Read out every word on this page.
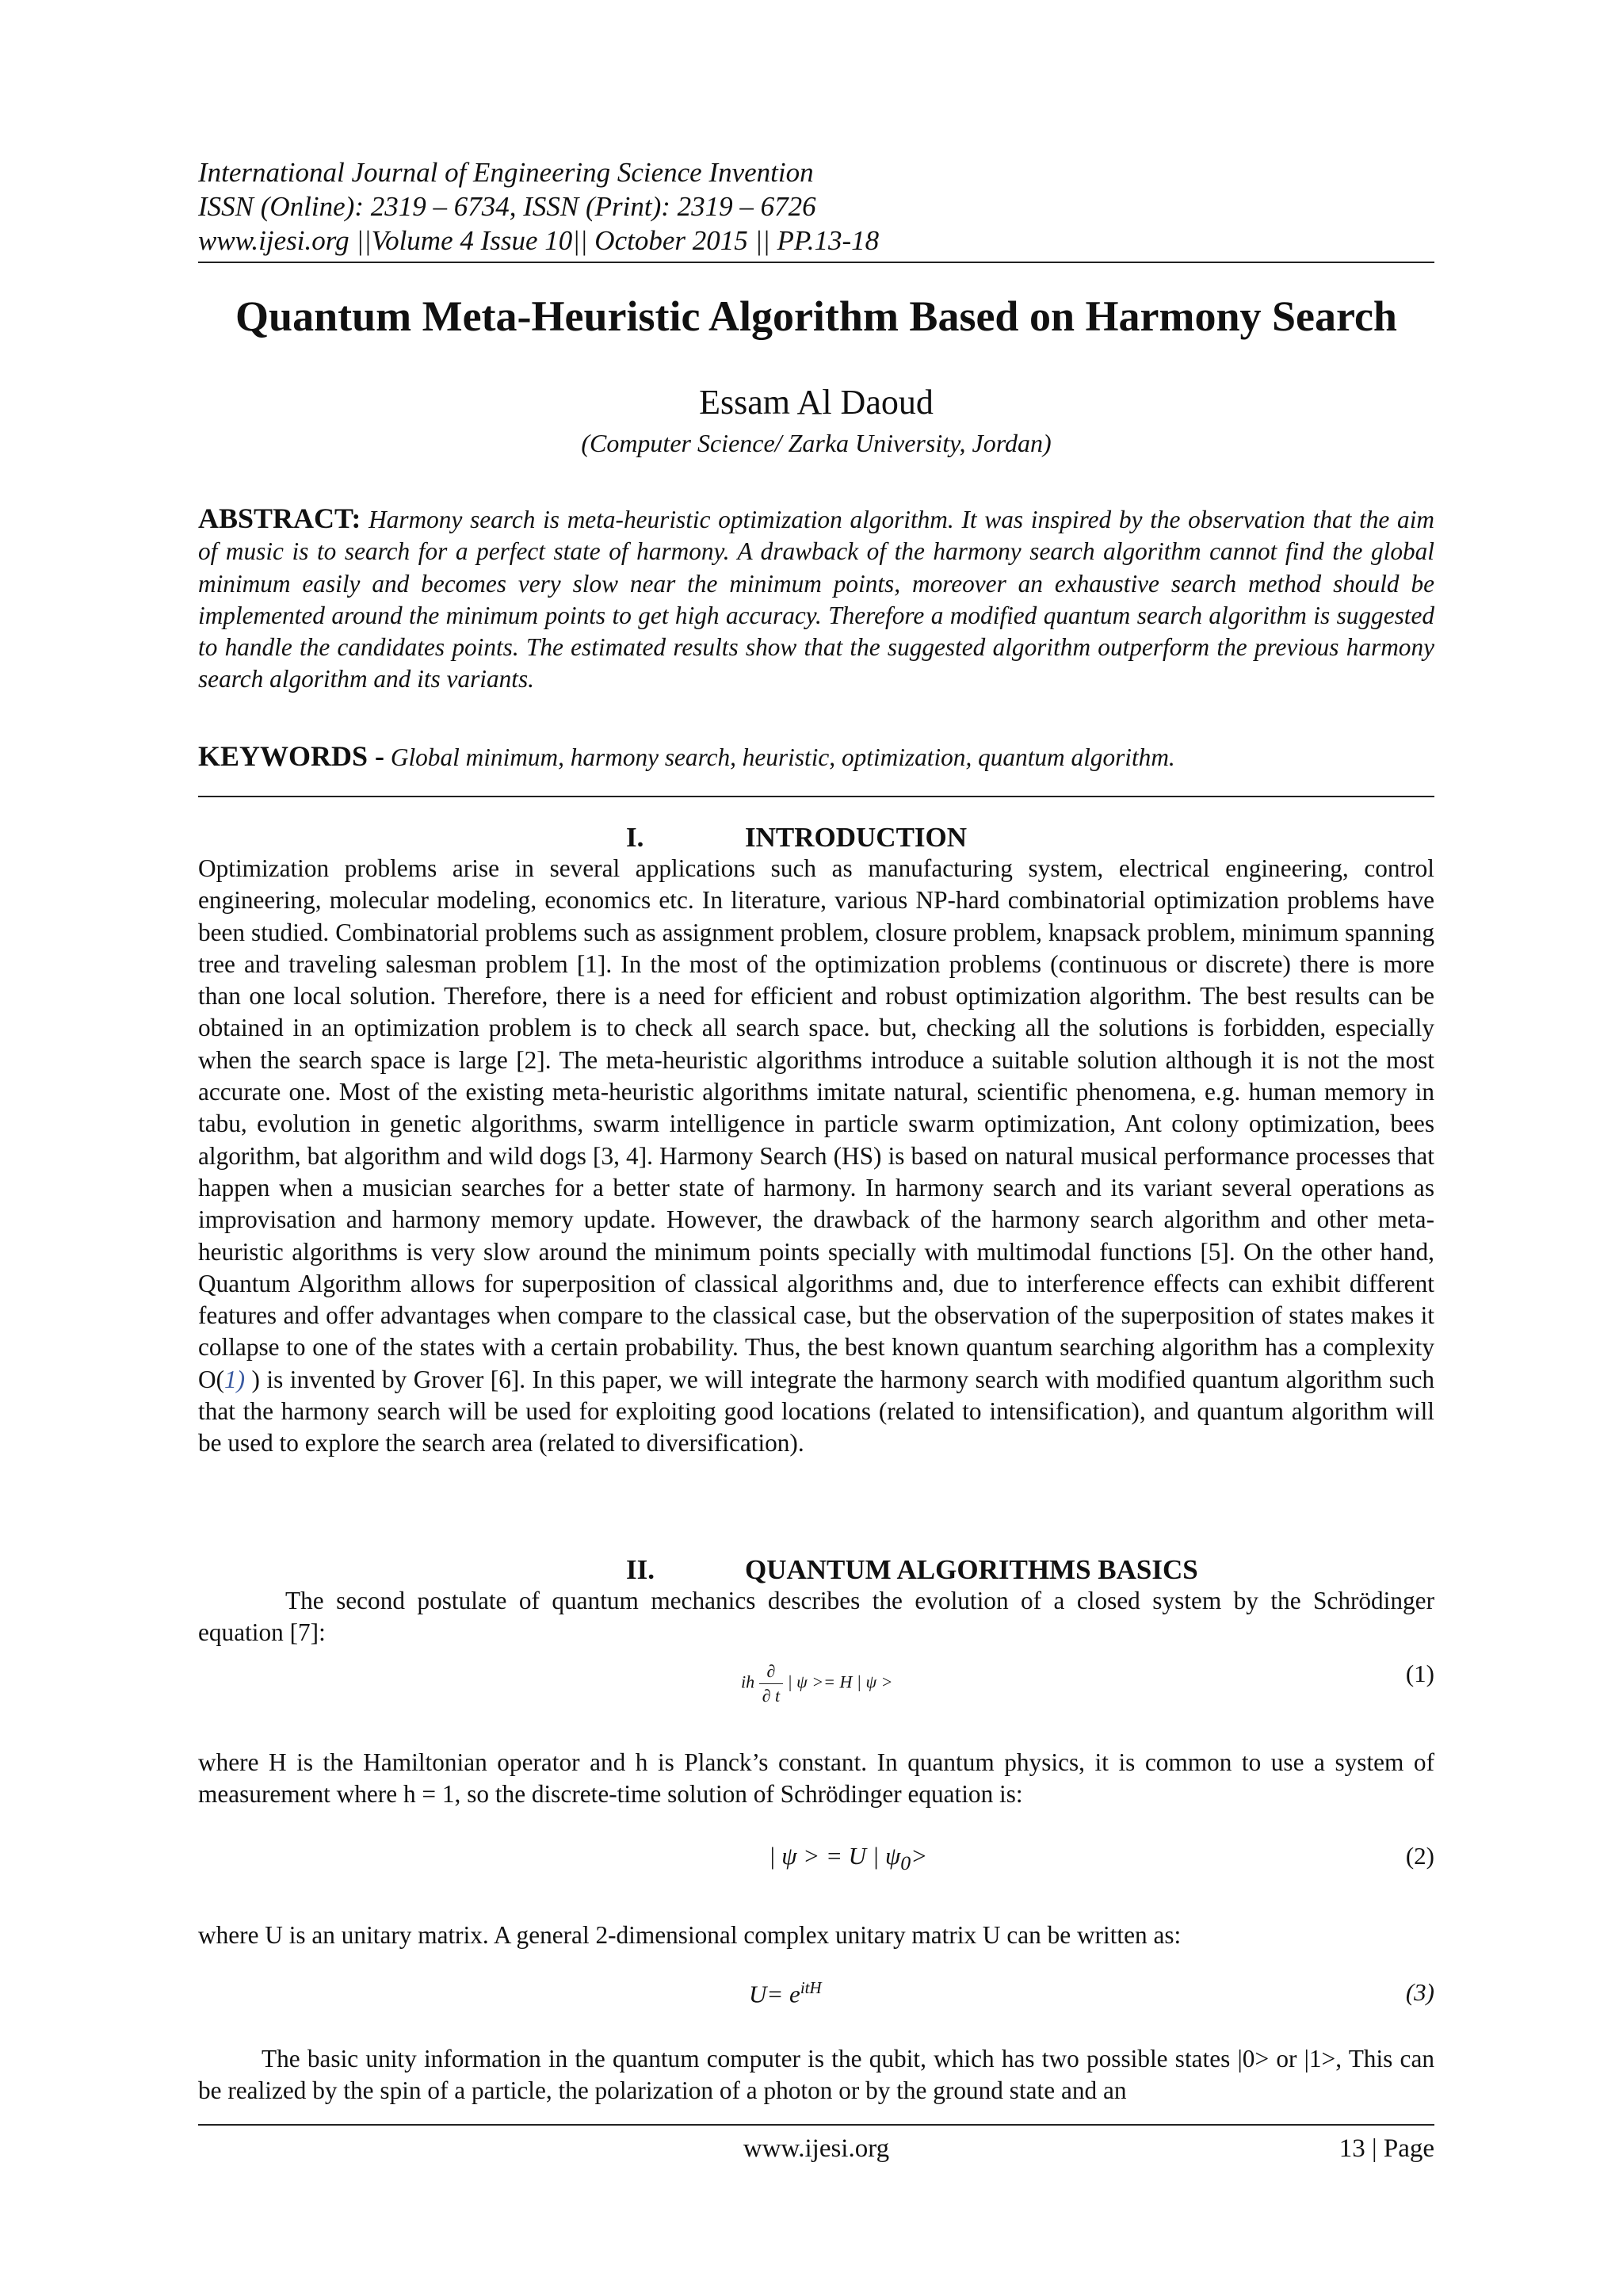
International Journal of Engineering Science Invention
ISSN (Online): 2319 – 6734, ISSN (Print): 2319 – 6726
www.ijesi.org ||Volume 4 Issue 10|| October 2015 || PP.13-18
Quantum Meta-Heuristic Algorithm Based on Harmony Search
Essam Al Daoud
(Computer Science/ Zarka University, Jordan)
ABSTRACT: Harmony search is meta-heuristic optimization algorithm. It was inspired by the observation that the aim of music is to search for a perfect state of harmony. A drawback of the harmony search algorithm cannot find the global minimum easily and becomes very slow near the minimum points, moreover an exhaustive search method should be implemented around the minimum points to get high accuracy. Therefore a modified quantum search algorithm is suggested to handle the candidates points. The estimated results show that the suggested algorithm outperform the previous harmony search algorithm and its variants.
KEYWORDS - Global minimum, harmony search, heuristic, optimization, quantum algorithm.
I.	INTRODUCTION
Optimization problems arise in several applications such as manufacturing system, electrical engineering, control engineering, molecular modeling, economics etc. In literature, various NP-hard combinatorial optimization problems have been studied. Combinatorial problems such as assignment problem, closure problem, knapsack problem, minimum spanning tree and traveling salesman problem [1]. In the most of the optimization problems (continuous or discrete) there is more than one local solution. Therefore, there is a need for efficient and robust optimization algorithm. The best results can be obtained in an optimization problem is to check all search space. but, checking all the solutions is forbidden, especially when the search space is large [2]. The meta-heuristic algorithms introduce a suitable solution although it is not the most accurate one. Most of the existing meta-heuristic algorithms imitate natural, scientific phenomena, e.g. human memory in tabu, evolution in genetic algorithms, swarm intelligence in particle swarm optimization, Ant colony optimization, bees algorithm, bat algorithm and wild dogs [3, 4]. Harmony Search (HS) is based on natural musical performance processes that happen when a musician searches for a better state of harmony. In harmony search and its variant several operations as improvisation and harmony memory update. However, the drawback of the harmony search algorithm and other meta-heuristic algorithms is very slow around the minimum points specially with multimodal functions [5]. On the other hand, Quantum Algorithm allows for superposition of classical algorithms and, due to interference effects can exhibit different features and offer advantages when compare to the classical case, but the observation of the superposition of states makes it collapse to one of the states with a certain probability. Thus, the best known quantum searching algorithm has a complexity O(1) ) is invented by Grover [6]. In this paper, we will integrate the harmony search with modified quantum algorithm such that the harmony search will be used for exploiting good locations (related to intensification), and quantum algorithm will be used to explore the search area (related to diversification).
II.	QUANTUM ALGORITHMS BASICS
The second postulate of quantum mechanics describes the evolution of a closed system by the Schrödinger equation [7]:
ih $\frac{\partial}{\partial t}$ | ψ >= H | ψ >	(1)
where H is the Hamiltonian operator and h is Planck’s constant. In quantum physics, it is common to use a system of measurement where h = 1, so the discrete-time solution of Schrödinger equation is:
| ψ > = U | $\psi_0>$	(2)
where U is an unitary matrix. A general 2-dimensional complex unitary matrix U can be written as:
$U= e^{itH}$	(3)
The basic unity information in the quantum computer is the qubit, which has two possible states |0> or |1>, This can be realized by the spin of a particle, the polarization of a photon or by the ground state and an
www.ijesi.org	13 | Page
